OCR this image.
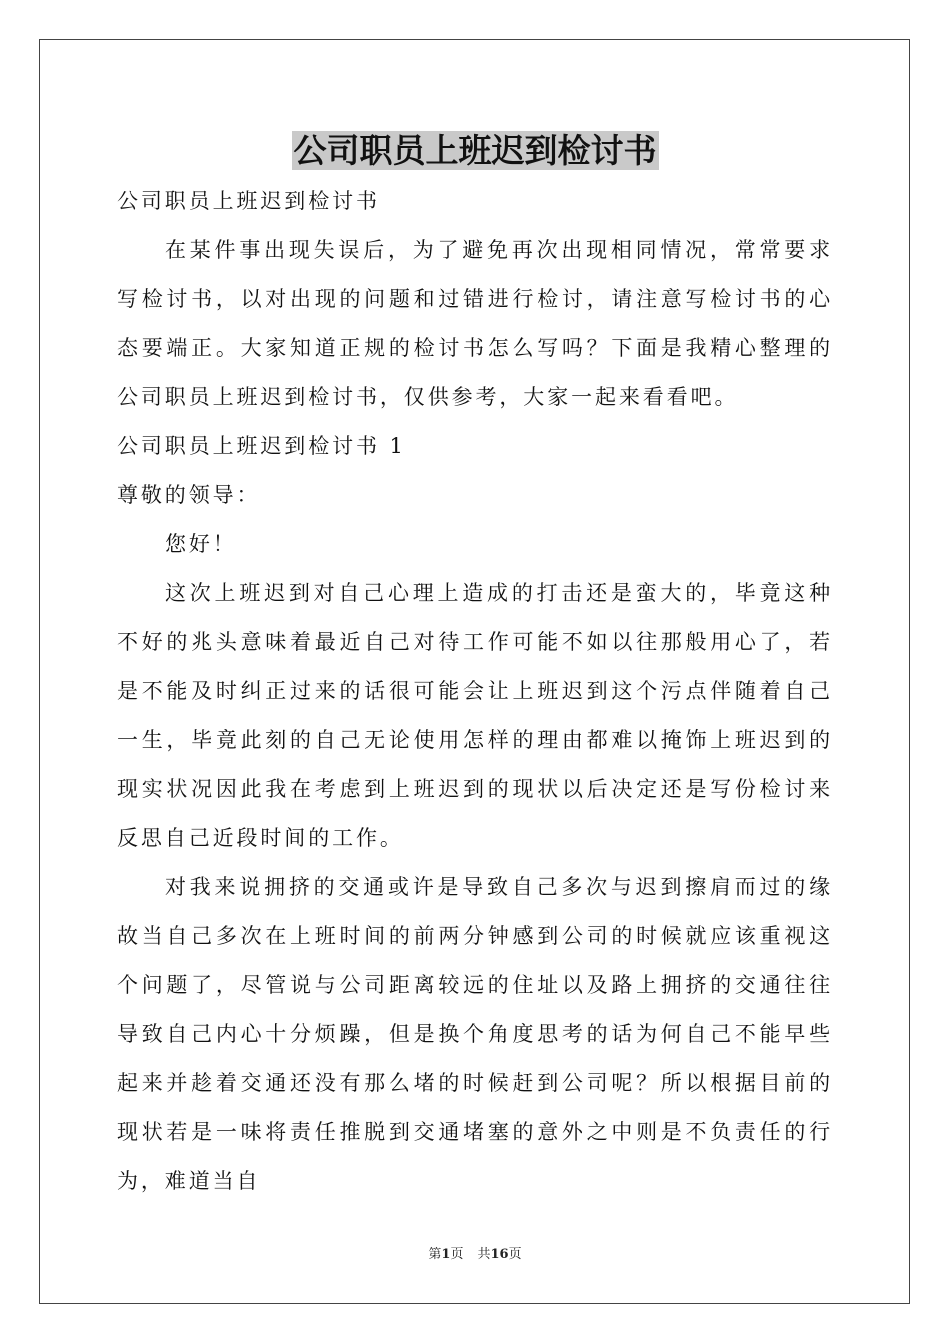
公司职员上班迟到检讨书

公司职员上班迟到检讨书

在某件事出现失误后，为了避免再次出现相同情况，常常要求写检讨书，以对出现的问题和过错进行检讨，请注意写检讨书的心态要端正。大家知道正规的检讨书怎么写吗？下面是我精心整理的公司职员上班迟到检讨书，仅供参考，大家一起来看看吧。

公司职员上班迟到检讨书 1

尊敬的领导：

您好！

这次上班迟到对自己心理上造成的打击还是蛮大的，毕竟这种不好的兆头意味着最近自己对待工作可能不如以往那般用心了，若是不能及时纠正过来的话很可能会让上班迟到这个污点伴随着自己一生，毕竟此刻的自己无论使用怎样的理由都难以掩饰上班迟到的现实状况因此我在考虑到上班迟到的现状以后决定还是写份检讨来反思自己近段时间的工作。

对我来说拥挤的交通或许是导致自己多次与迟到擦肩而过的缘故当自己多次在上班时间的前两分钟感到公司的时候就应该重视这个问题了，尽管说与公司距离较远的住址以及路上拥挤的交通往往导致自己内心十分烦躁，但是换个角度思考的话为何自己不能早些起来并趁着交通还没有那么堵的时候赶到公司呢？所以根据目前的现状若是一味将责任推脱到交通堵塞的意外之中则是不负责任的行为，难道当自

第1页 共16页
